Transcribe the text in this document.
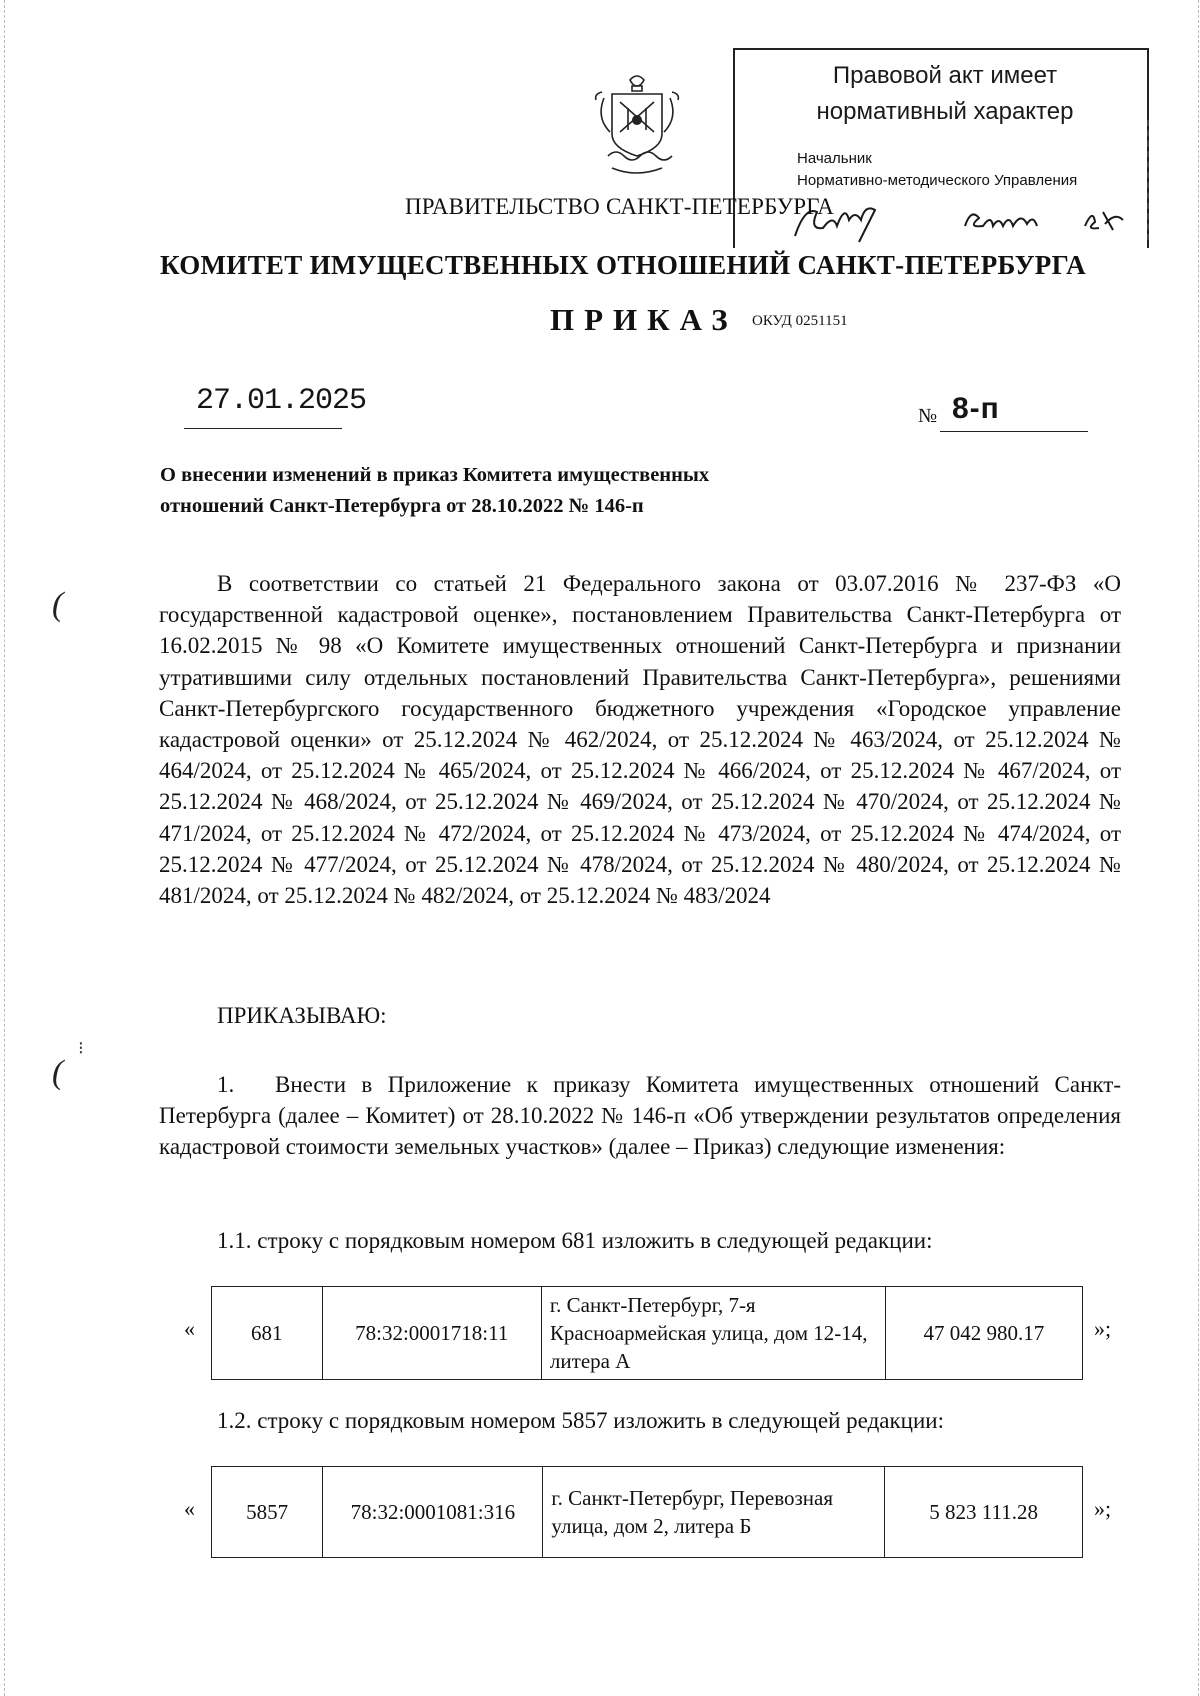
Правовой акт имеет нормативный характер
Начальник
Нормативно-методического Управления
ПРАВИТЕЛЬСТВО САНКТ-ПЕТЕРБУРГА
КОМИТЕТ ИМУЩЕСТВЕННЫХ ОТНОШЕНИЙ САНКТ-ПЕТЕРБУРГА
ПРИКАЗ ОКУД 0251151
27.01.2025	№ 8-п
О внесении изменений в приказ Комитета имущественных отношений Санкт-Петербурга от 28.10.2022 № 146-п
В соответствии со статьей 21 Федерального закона от 03.07.2016 № 237-ФЗ «О государственной кадастровой оценке», постановлением Правительства Санкт-Петербурга от 16.02.2015 № 98 «О Комитете имущественных отношений Санкт-Петербурга и признании утратившими силу отдельных постановлений Правительства Санкт-Петербурга», решениями Санкт-Петербургского государственного бюджетного учреждения «Городское управление кадастровой оценки» от 25.12.2024 № 462/2024, от 25.12.2024 № 463/2024, от 25.12.2024 № 464/2024, от 25.12.2024 № 465/2024, от 25.12.2024 № 466/2024, от 25.12.2024 № 467/2024, от 25.12.2024 № 468/2024, от 25.12.2024 № 469/2024, от 25.12.2024 № 470/2024, от 25.12.2024 № 471/2024, от 25.12.2024 № 472/2024, от 25.12.2024 № 473/2024, от 25.12.2024 № 474/2024, от 25.12.2024 № 477/2024, от 25.12.2024 № 478/2024, от 25.12.2024 № 480/2024, от 25.12.2024 № 481/2024, от 25.12.2024 № 482/2024, от 25.12.2024 № 483/2024
ПРИКАЗЫВАЮ:
1. Внести в Приложение к приказу Комитета имущественных отношений Санкт-Петербурга (далее – Комитет) от 28.10.2022 № 146-п «Об утверждении результатов определения кадастровой стоимости земельных участков» (далее – Приказ) следующие изменения:
1.1. строку с порядковым номером 681 изложить в следующей редакции:
«	681	78:32:0001718:11	г. Санкт-Петербург, 7-я Красноармейская улица, дом 12-14, литера А	47 042 980.17 »;
1.2. строку с порядковым номером 5857 изложить в следующей редакции:
« 5857	78:32:0001081:316	г. Санкт-Петербург, Перевозная улица, дом 2, литера Б	5 823 111.28	»;
(
⁝
(
